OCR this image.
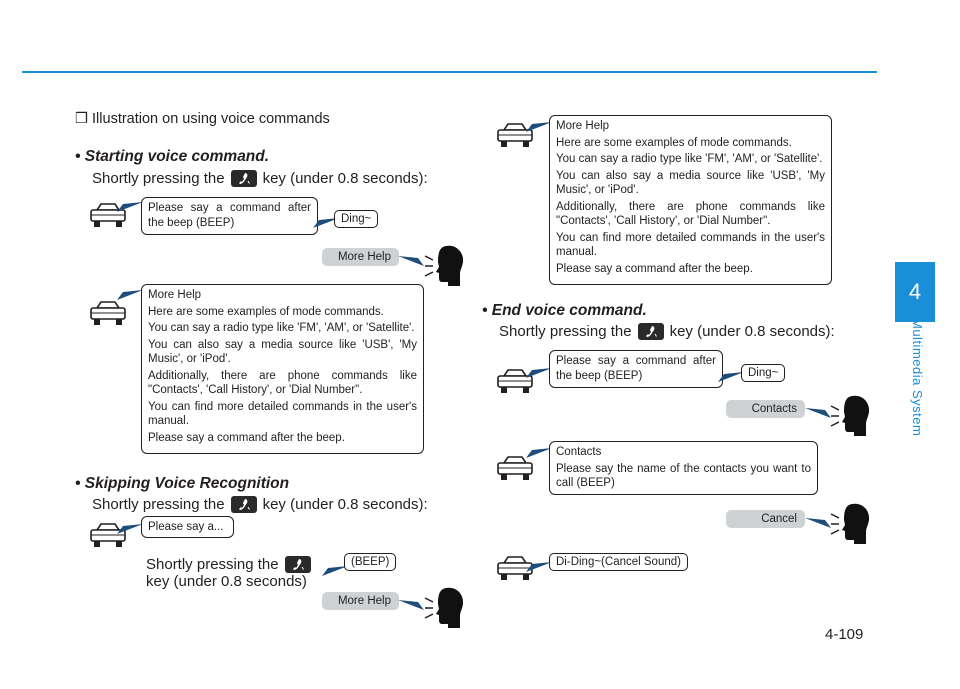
4
Multimedia System
4-109
❒ Illustration on using voice commands
• Starting voice command.
Shortly pressing the	key (under 0.8 seconds):

Please say a command after the beep (BEEP)	Ding~
More Help

More Help

Here are some examples of mode commands.

You can say a radio type like 'FM', 'AM', or 'Satellite'.

You can also say a media source like 'USB', 'My Music', or 'iPod'.

Additionally, there are phone commands like "Contacts', 'Call History', or 'Dial Number".

You can find more detailed commands in the user's manual.

Please say a command after the beep.

• Skipping Voice Recognition
Shortly pressing the	key (under 0.8 seconds):

Please say a...

Shortly pressing the
key (under 0.8 seconds)
(BEEP)
More Help

More Help

Here are some examples of mode commands.

You can say a radio type like 'FM', 'AM', or 'Satellite'.

You can also say a media source like 'USB', 'My Music', or 'iPod'.

Additionally, there are phone commands like "Contacts', 'Call History', or 'Dial Number".

You can find more detailed commands in the user's manual.

Please say a command after the beep.

• End voice command.
Shortly pressing the	key (under 0.8 seconds):

Please say a command after the beep (BEEP)	Ding~
Contacts

Contacts

Please say the name of the contacts you want to call (BEEP)

Cancel
Di-Ding~(Cancel Sound)
